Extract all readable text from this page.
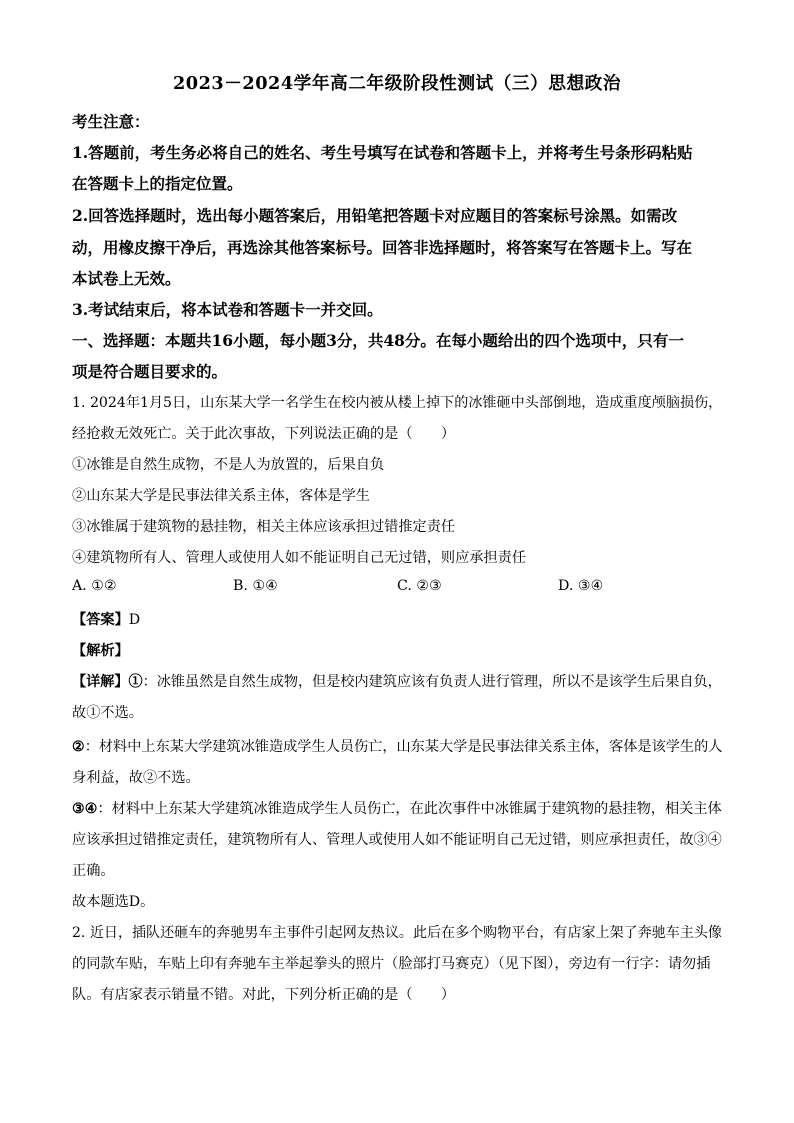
2023－2024学年高二年级阶段性测试（三）思想政治
考生注意：
1.答题前，考生务必将自己的姓名、考生号填写在试卷和答题卡上，并将考生号条形码粘贴
在答题卡上的指定位置。
2.回答选择题时，选出每小题答案后，用铅笔把答题卡对应题目的答案标号涂黑。如需改
动，用橡皮擦干净后，再选涂其他答案标号。回答非选择题时，将答案写在答题卡上。写在
本试卷上无效。
3.考试结束后，将本试卷和答题卡一并交回。
一、选择题：本题共16小题，每小题3分，共48分。在每小题给出的四个选项中，只有一
项是符合题目要求的。
1. 2024年1月5日，山东某大学一名学生在校内被从楼上掉下的冰锥砸中头部倒地，造成重度颅脑损伤，
经抢救无效死亡。关于此次事故，下列说法正确的是（　　）
①冰锥是自然生成物，不是人为放置的，后果自负
②山东某大学是民事法律关系主体，客体是学生
③冰锥属于建筑物的悬挂物，相关主体应该承担过错推定责任
④建筑物所有人、管理人或使用人如不能证明自己无过错，则应承担责任
A. ①②	B. ①④	C. ②③	D. ③④
【答案】D
【解析】
【详解】①：冰锥虽然是自然生成物，但是校内建筑应该有负责人进行管理，所以不是该学生后果自负，
故①不选。
②：材料中上东某大学建筑冰锥造成学生人员伤亡，山东某大学是民事法律关系主体，客体是该学生的人
身利益，故②不选。
③④：材料中上东某大学建筑冰锥造成学生人员伤亡，在此次事件中冰锥属于建筑物的悬挂物，相关主体
应该承担过错推定责任，建筑物所有人、管理人或使用人如不能证明自己无过错，则应承担责任，故③④
正确。
故本题选D。
2. 近日，插队还砸车的奔驰男车主事件引起网友热议。此后在多个购物平台，有店家上架了奔驰车主头像
的同款车贴，车贴上印有奔驰车主举起拳头的照片（脸部打马赛克）（见下图），旁边有一行字：请勿插
队。有店家表示销量不错。对此，下列分析正确的是（　　）
